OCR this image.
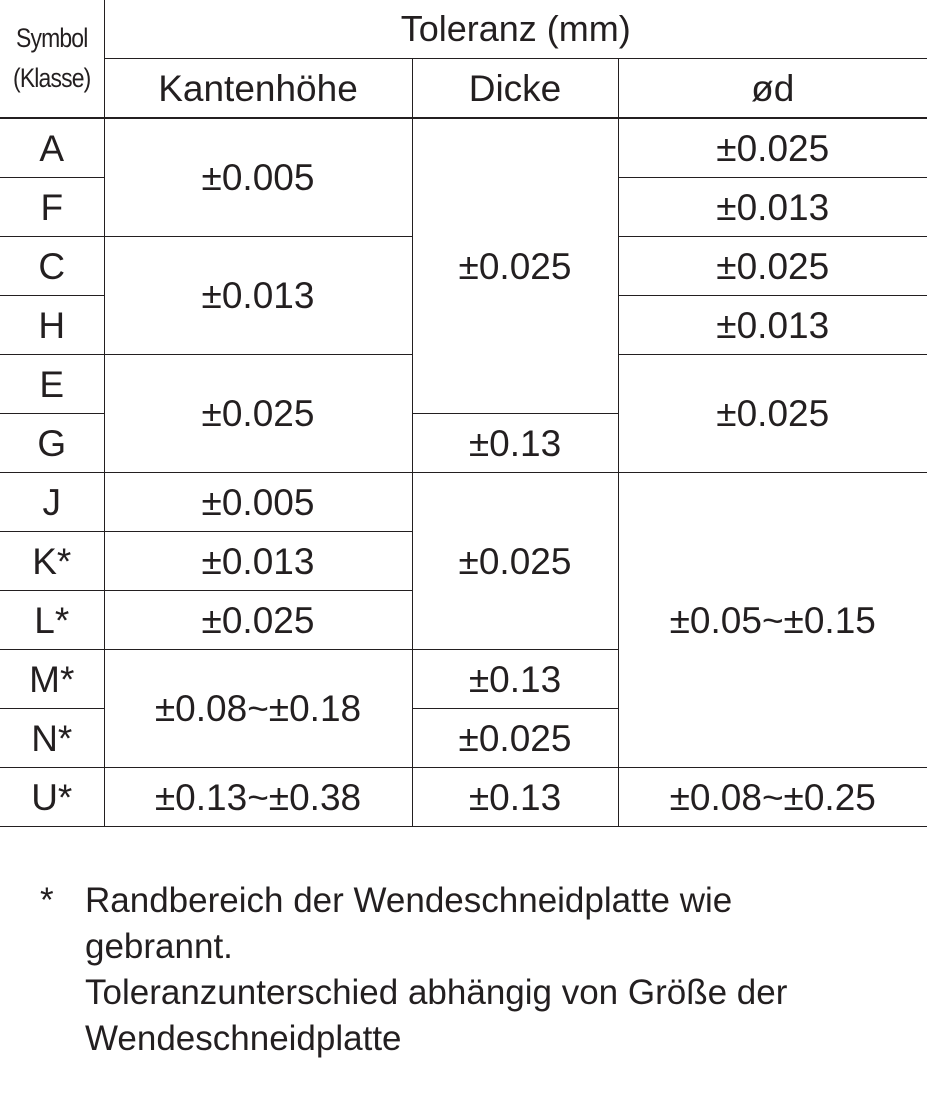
Symbol (Klasse)	Toleranz (mm)		
	Kantenhöhe	Dicke	ød
A	±0.005	±0.025	±0.025
F			±0.013
C	±0.013		±0.025
H			±0.013
E	±0.025		±0.025
G		±0.13	
J	±0.005	±0.025	±0.05~±0.15
K*	±0.013		
L*	±0.025		
M*	±0.08~±0.18	±0.13	
N*		±0.025	
U*	±0.13~±0.38	±0.13	±0.08~±0.25
* Randbereich der Wendeschneidplatte wie
gebrannt.
Toleranzunterschied abhängig von Größe der
Wendeschneidplatte
